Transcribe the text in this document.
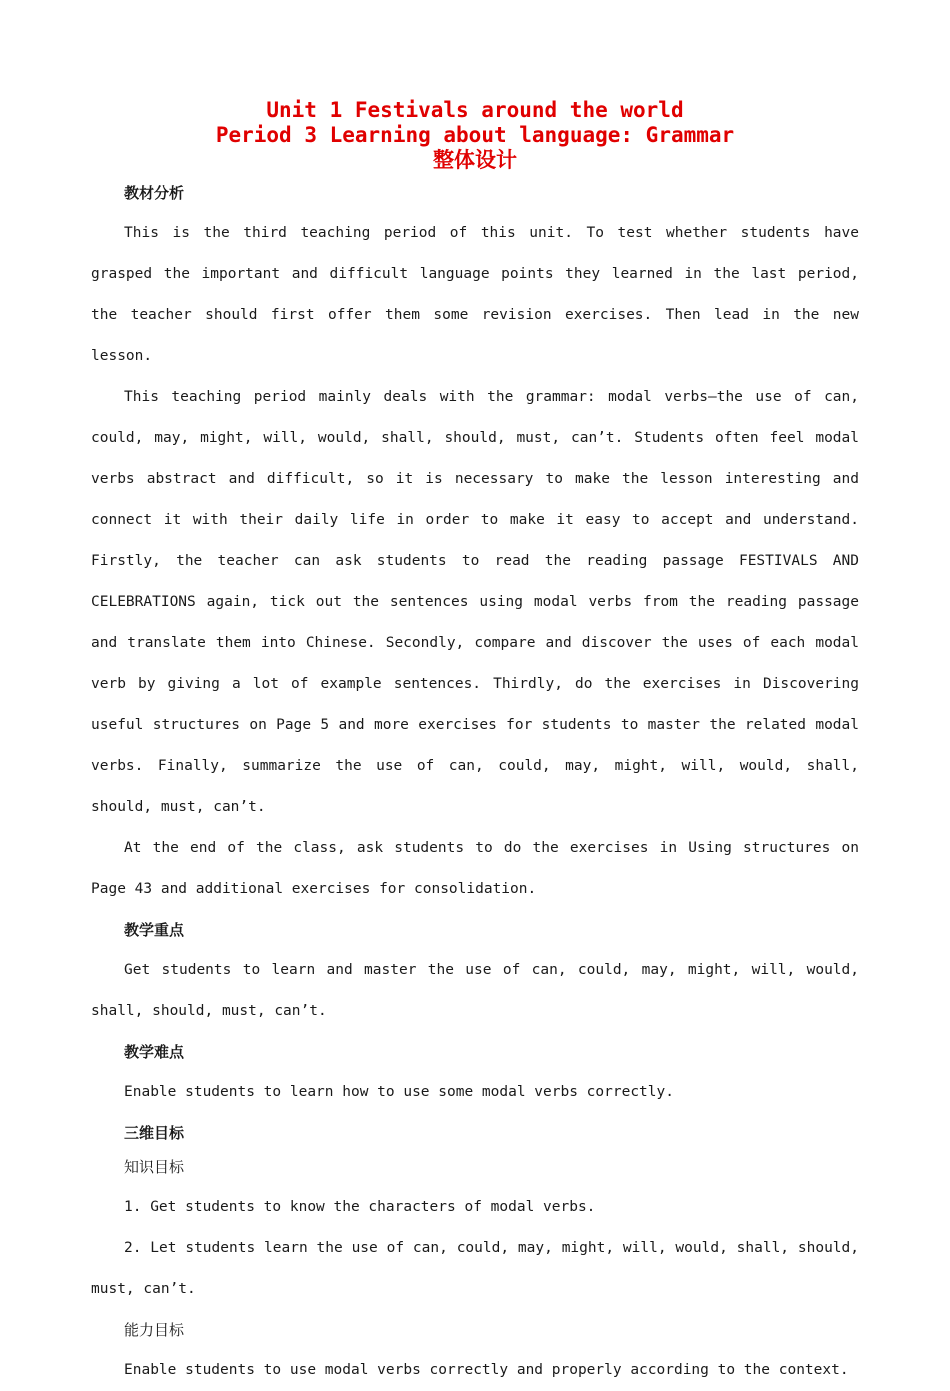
Unit 1 Festivals around the world
Period 3 Learning about language: Grammar
整体设计
教材分析

This is the third teaching period of this unit. To test whether students have grasped the important and difficult language points they learned in the last period, the teacher should first offer them some revision exercises. Then lead in the new lesson.

This teaching period mainly deals with the grammar: modal verbs—the use of can, could, may, might, will, would, shall, should, must, can’t. Students often feel modal verbs abstract and difficult, so it is necessary to make the lesson interesting and connect it with their daily life in order to make it easy to accept and understand. Firstly, the teacher can ask students to read the reading passage FESTIVALS AND CELEBRATIONS again, tick out the sentences using modal verbs from the reading passage and translate them into Chinese. Secondly, compare and discover the uses of each modal verb by giving a lot of example sentences. Thirdly, do the exercises in Discovering useful structures on Page 5 and more exercises for students to master the related modal verbs. Finally, summarize the use of can, could, may, might, will, would, shall, should, must, can’t.

At the end of the class, ask students to do the exercises in Using structures on Page 43 and additional exercises for consolidation.

教学重点

Get students to learn and master the use of can, could, may, might, will, would, shall, should, must, can’t.

教学难点

Enable students to learn how to use some modal verbs correctly.

三维目标
知识目标

1. Get students to know the characters of modal verbs.

2. Let students learn the use of can, could, may, might, will, would, shall, should, must, can’t.

能力目标

Enable students to use modal verbs correctly and properly according to the context.
